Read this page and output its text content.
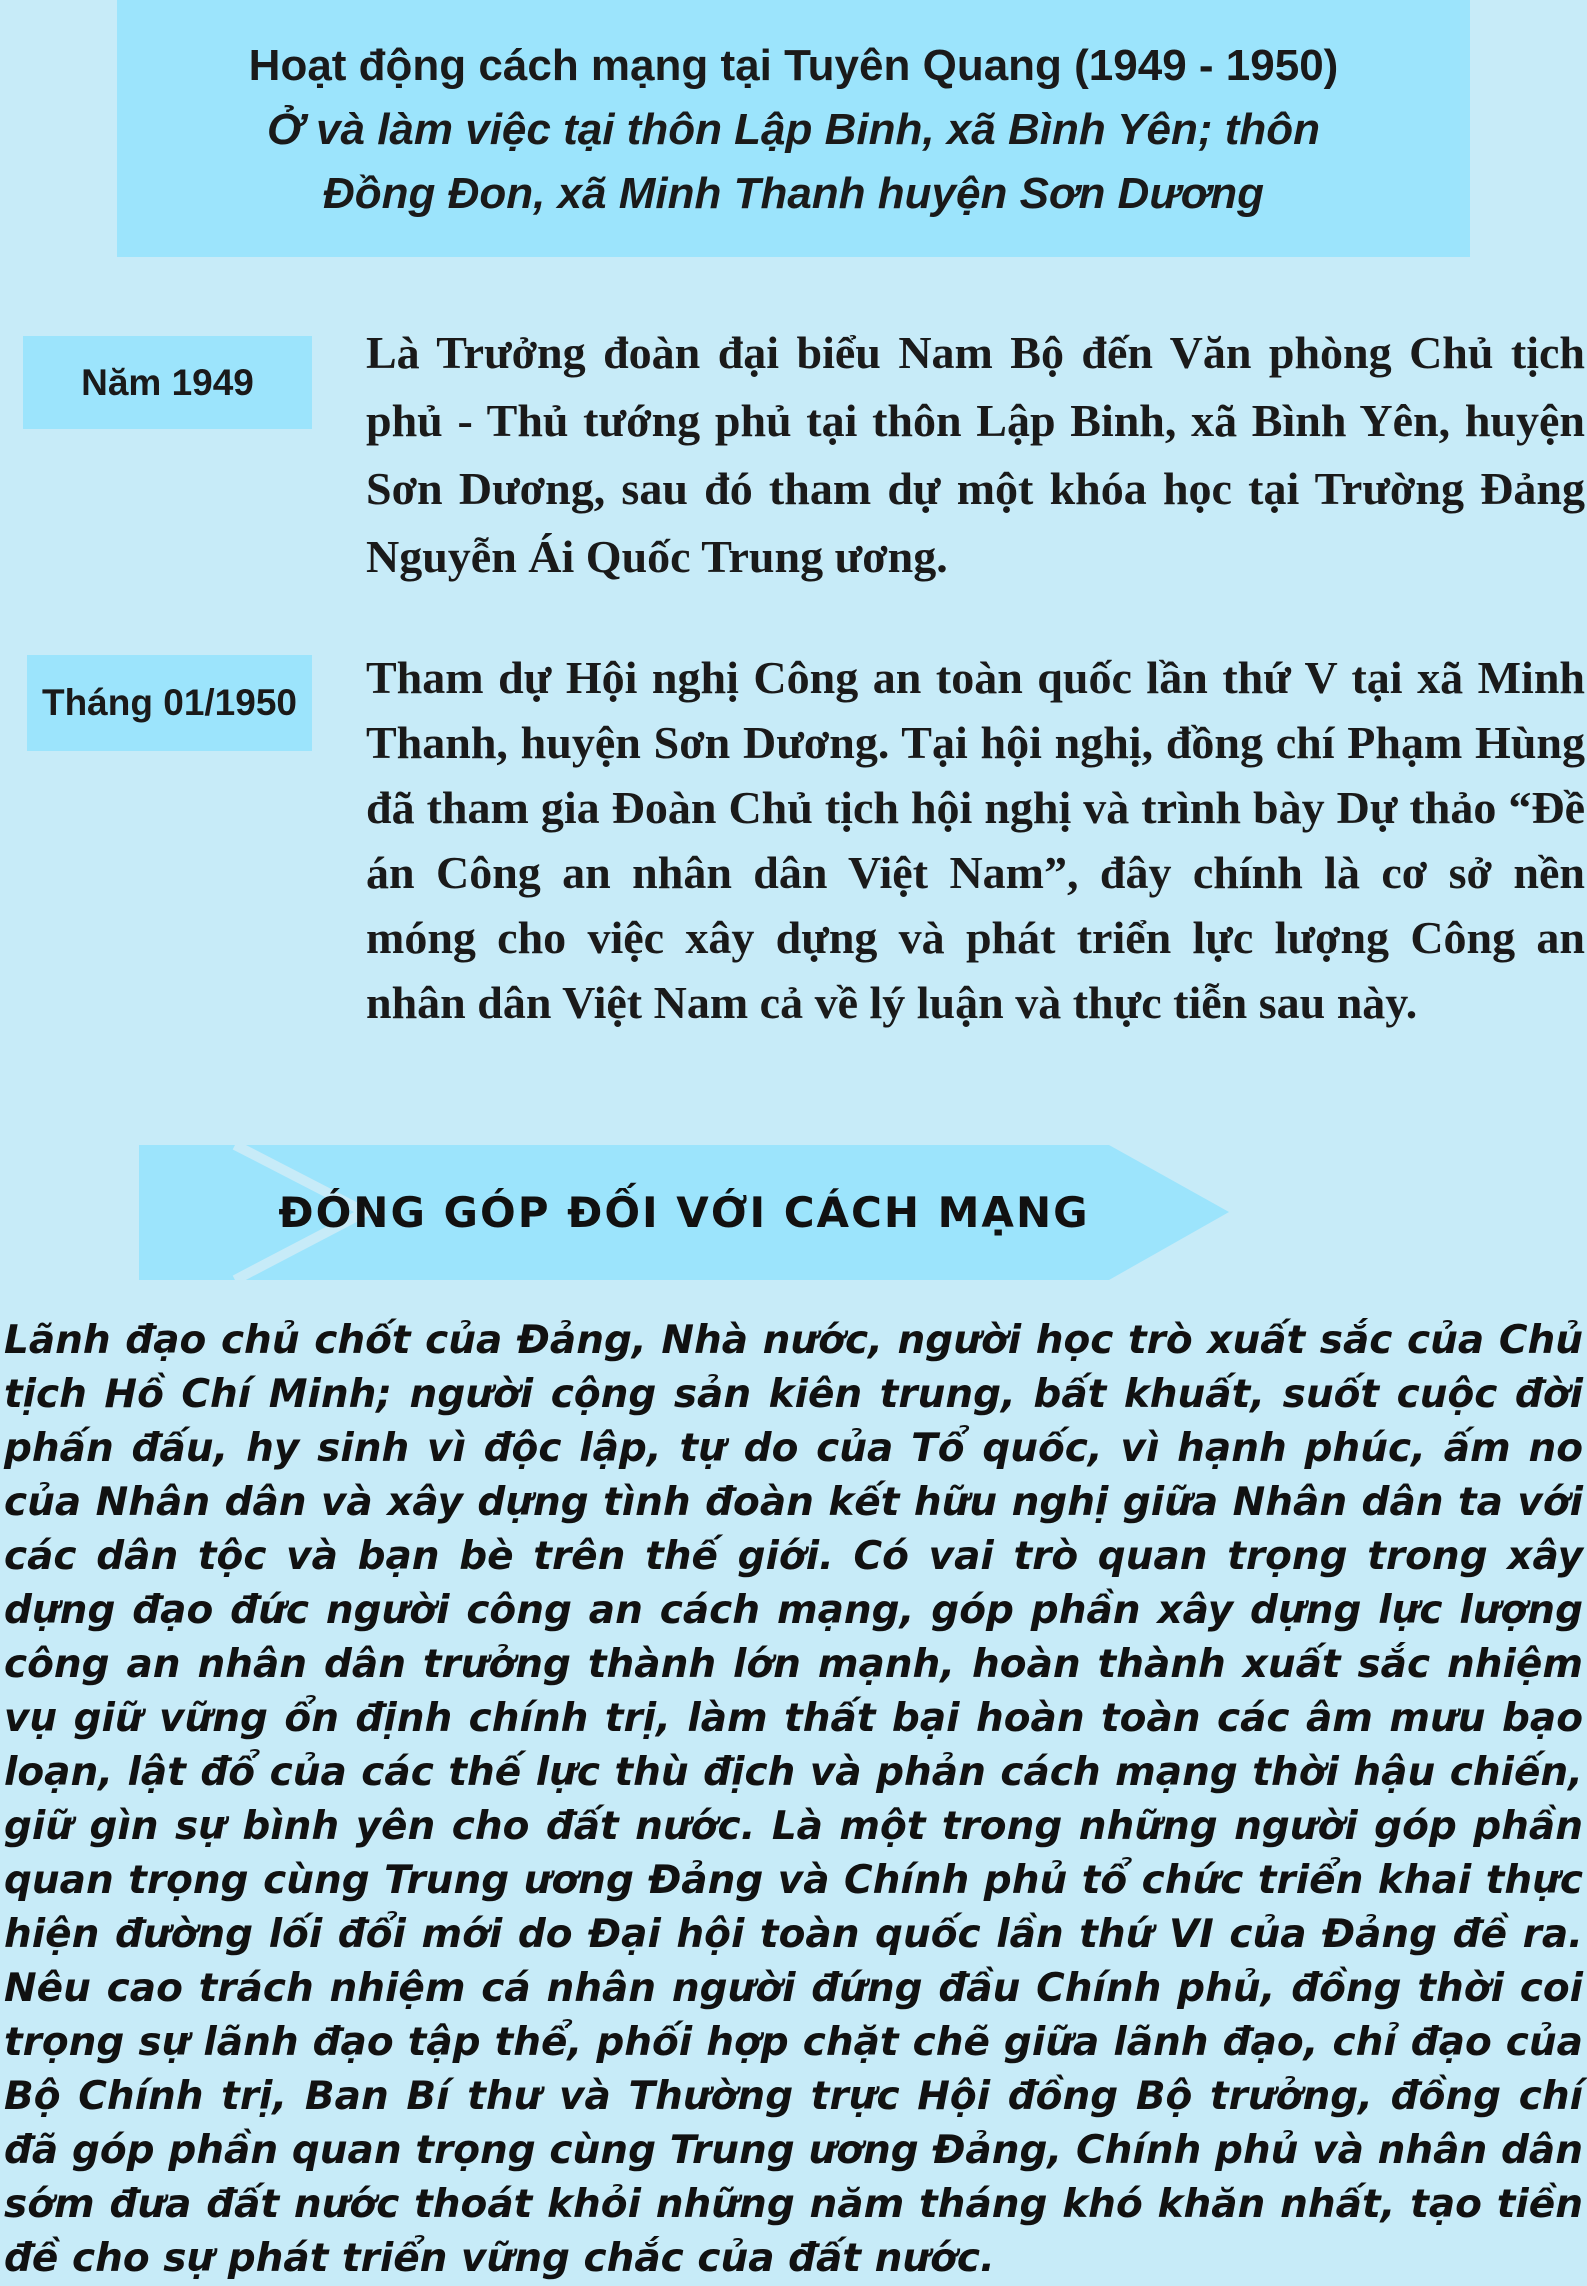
Hoạt động cách mạng tại Tuyên Quang (1949 - 1950)

Ở và làm việc tại thôn Lập Binh, xã Bình Yên; thôn Đồng Đon, xã Minh Thanh huyện Sơn Dương

Năm 1949

Là Trưởng đoàn đại biểu Nam Bộ đến Văn phòng Chủ tịch phủ - Thủ tướng phủ tại thôn Lập Binh, xã Bình Yên, huyện Sơn Dương, sau đó tham dự một khóa học tại Trường Đảng Nguyễn Ái Quốc Trung ương.

Tháng 01/1950	Tham dự Hội nghị Công an toàn quốc lần thứ V tại xã Minh Thanh, huyện Sơn Dương. Tại hội nghị, đồng chí Phạm Hùng đã tham gia Đoàn Chủ tịch hội nghị và trình bày Dự thảo “Đề án Công an nhân dân Việt Nam”, đây chính là cơ sở nền móng cho việc xây dựng và phát triển lực lượng Công an nhân dân Việt Nam cả về lý luận và thực tiễn sau này.

ĐÓNG GÓP ĐỐI VỚI CÁCH MẠNG

Lãnh đạo chủ chốt của Đảng, Nhà nước, người học trò xuất sắc của Chủ tịch Hồ Chí Minh; người cộng sản kiên trung, bất khuất, suốt cuộc đời phấn đấu, hy sinh vì độc lập, tự do của Tổ quốc, vì hạnh phúc, ấm no của Nhân dân và xây dựng tình đoàn kết hữu nghị giữa Nhân dân ta với các dân tộc và bạn bè trên thế giới. Có vai trò quan trọng trong xây dựng đạo đức người công an cách mạng, góp phần xây dựng lực lượng công an nhân dân trưởng thành lớn mạnh, hoàn thành xuất sắc nhiệm vụ giữ vững ổn định chính trị, làm thất bại hoàn toàn các âm mưu bạo loạn, lật đổ của các thế lực thù địch và phản cách mạng thời hậu chiến, giữ gìn sự bình yên cho đất nước. Là một trong những người góp phần quan trọng cùng Trung ương Đảng và Chính phủ tổ chức triển khai thực hiện đường lối đổi mới do Đại hội toàn quốc lần thứ VI của Đảng đề ra. Nêu cao trách nhiệm cá nhân người đứng đầu Chính phủ, đồng thời coi trọng sự lãnh đạo tập thể, phối hợp chặt chẽ giữa lãnh đạo, chỉ đạo của Bộ Chính trị, Ban Bí thư và Thường trực Hội đồng Bộ trưởng, đồng chí đã góp phần quan trọng cùng Trung ương Đảng, Chính phủ và nhân dân sớm đưa đất nước thoát khỏi những năm tháng khó khăn nhất, tạo tiền đề cho sự phát triển vững chắc của đất nước.
